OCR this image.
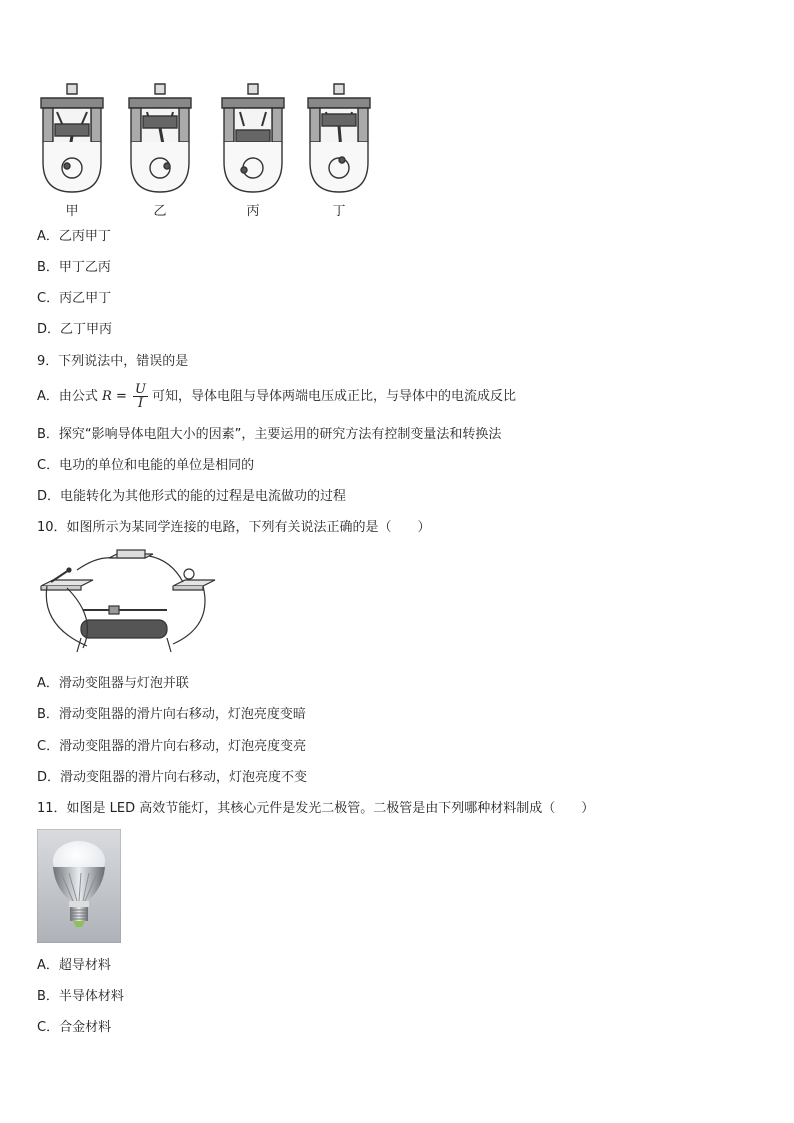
甲	乙	丙	丁
A．乙丙甲丁
B．甲丁乙丙
C．丙乙甲丁
D．乙丁甲丙
9．下列说法中，错误的是
A．由公式 $R = \frac{U}{I}$ 可知，导体电阻与导体两端电压成正比，与导体中的电流成反比
B．探究“影响导体电阻大小的因素”，主要运用的研究方法有控制变量法和转换法
C．电功的单位和电能的单位是相同的
D．电能转化为其他形式的能的过程是电流做功的过程
10．如图所示为某同学连接的电路，下列有关说法正确的是（　　）
A．滑动变阻器与灯泡并联
B．滑动变阻器的滑片向右移动，灯泡亮度变暗
C．滑动变阻器的滑片向右移动，灯泡亮度变亮
D．滑动变阻器的滑片向右移动，灯泡亮度不变
11．如图是 LED 高效节能灯，其核心元件是发光二极管。二极管是由下列哪种材料制成（　　）
A．超导材料
B．半导体材料
C．合金材料
